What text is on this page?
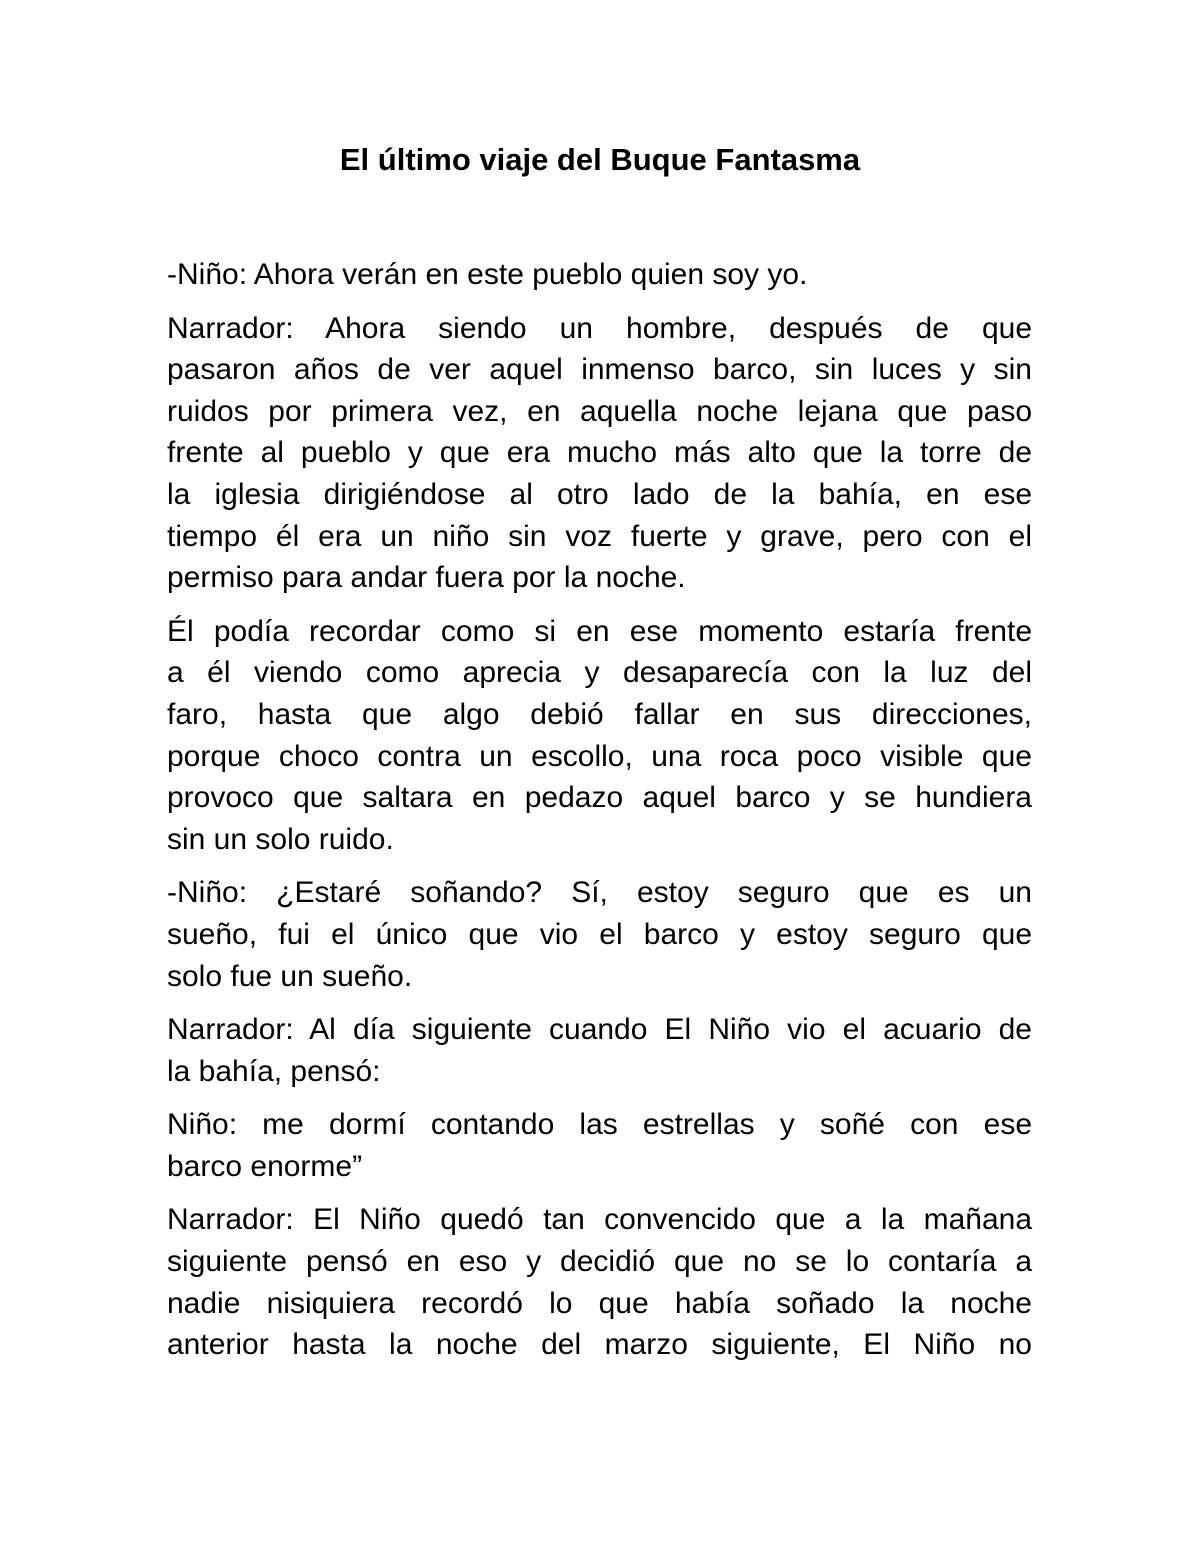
El último viaje del Buque Fantasma

-Niño: Ahora verán en este pueblo quien soy yo.

Narrador: Ahora siendo un hombre, después de que
pasaron años de ver aquel inmenso barco, sin luces y sin
ruidos por primera vez, en aquella noche lejana que paso
frente al pueblo y que era mucho más alto que la torre de
la iglesia dirigiéndose al otro lado de la bahía, en ese
tiempo él era un niño sin voz fuerte y grave, pero con el
permiso para andar fuera por la noche.

Él podía recordar como si en ese momento estaría frente
a él viendo como aprecia y desaparecía con la luz del
faro, hasta que algo debió fallar en sus direcciones,
porque choco contra un escollo, una roca poco visible que
provoco que saltara en pedazo aquel barco y se hundiera
sin un solo ruido.

-Niño: ¿Estaré soñando? Sí, estoy seguro que es un
sueño, fui el único que vio el barco y estoy seguro que
solo fue un sueño.

Narrador: Al día siguiente cuando El Niño vio el acuario de
la bahía, pensó:

Niño: me dormí contando las estrellas y soñé con ese
barco enorme”

Narrador: El Niño quedó tan convencido que a la mañana
siguiente pensó en eso y decidió que no se lo contaría a
nadie nisiquiera recordó lo que había soñado la noche
anterior hasta la noche del marzo siguiente, El Niño no
